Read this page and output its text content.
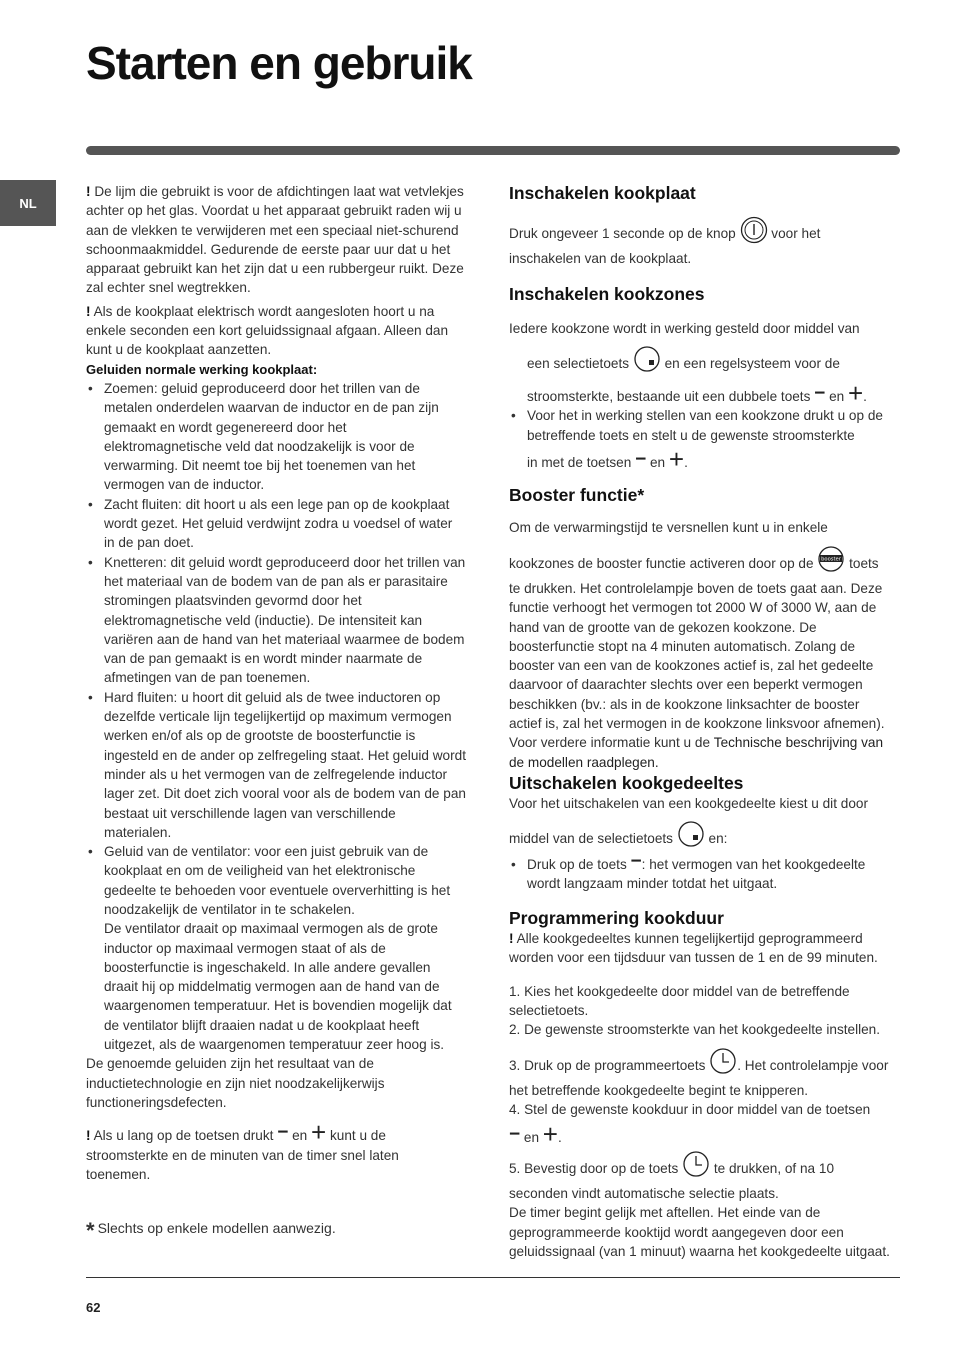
Starten en gebruik
NL

! De lijm die gebruikt is voor de afdichtingen laat wat vetvlekjes achter op het glas. Voordat u het apparaat gebruikt raden wij u aan de vlekken te verwijderen met een speciaal niet-schurend schoonmaakmiddel. Gedurende de eerste paar uur dat u het apparaat gebruikt kan het zijn dat u een rubbergeur ruikt. Deze zal echter snel wegtrekken.

! Als de kookplaat elektrisch wordt aangesloten hoort u na enkele seconden een kort geluidssignaal afgaan. Alleen dan kunt u de kookplaat aanzetten.

Geluiden normale werking kookplaat:

• Zoemen: geluid geproduceerd door het trillen van de metalen onderdelen waarvan de inductor en de pan zijn gemaakt en wordt gegenereerd door het elektromagnetische veld dat noodzakelijk is voor de verwarming. Dit neemt toe bij het toenemen van het vermogen van de inductor.
• Zacht fluiten: dit hoort u als een lege pan op de kookplaat wordt gezet. Het geluid verdwijnt zodra u voedsel of water in de pan doet.
• Knetteren: dit geluid wordt geproduceerd door het trillen van het materiaal van de bodem van de pan als er parasitaire stromingen plaatsvinden gevormd door het elektromagnetische veld (inductie). De intensiteit kan variëren aan de hand van het materiaal waarmee de bodem van de pan gemaakt is en wordt minder naarmate de afmetingen van de pan toenemen.
• Hard fluiten: u hoort dit geluid als de twee inductoren op dezelfde verticale lijn tegelijkertijd op maximum vermogen werken en/of als op de grootste de boosterfunctie is ingesteld en de ander op zelfregeling staat. Het geluid wordt minder als u het vermogen van de zelfregelende inductor lager zet. Dit doet zich vooral voor als de bodem van de pan bestaat uit verschillende lagen van verschillende materialen.
• Geluid van de ventilator: voor een juist gebruik van de kookplaat en om de veiligheid van het elektronische gedeelte te behoeden voor eventuele oververhitting is het noodzakelijk de ventilator in te schakelen.
De ventilator draait op maximaal vermogen als de grote inductor op maximaal vermogen staat of als de boosterfunctie is ingeschakeld. In alle andere gevallen draait hij op middelmatig vermogen aan de hand van de waargenomen temperatuur. Het is bovendien mogelijk dat de ventilator blijft draaien nadat u de kookplaat heeft uitgezet, als de waargenomen temperatuur zeer hoog is.

De genoemde geluiden zijn het resultaat van de inductietechnologie en zijn niet noodzakelijkerwijs functioneringsdefecten.

! Als u lang op de toetsen drukt − en + kunt u de stroomsterkte en de minuten van de timer snel laten toenemen.

Inschakelen kookplaat

Druk ongeveer 1 seconde op de knop	voor het inschakelen van de kookplaat.

Inschakelen kookzones

Iedere kookzone wordt in werking gesteld door middel van

een selectietoets	en een regelsysteem voor de

stroomsterkte, bestaande uit een dubbele toets − en +.

• Voor het in werking stellen van een kookzone drukt u op de betreffende toets en stelt u de gewenste stroomsterkte
in met de toetsen − en +.

Booster functie*

Om de verwarmingstijd te versnellen kunt u in enkele

kookzones de booster functie activeren door op de booster toets te drukken. Het controlelampje boven de toets gaat aan. Deze functie verhoogt het vermogen tot 2000 W of 3000 W, aan de hand van de grootte van de gekozen kookzone. De boosterfunctie stopt na 4 minuten automatisch. Zolang de booster van een van de kookzones actief is, zal het gedeelte daarvoor of daarachter slechts over een beperkt vermogen beschikken (bv.: als in de kookzone linksachter de booster actief is, zal het vermogen in de kookzone linksvoor afnemen). Voor verdere informatie kunt u de Technische beschrijving van de modellen raadplegen.

Uitschakelen kookgedeeltes

Voor het uitschakelen van een kookgedeelte kiest u dit door

middel van de selectietoets	en:

• Druk op de toets −: het vermogen van het kookgedeelte wordt langzaam minder totdat het uitgaat.

Programmering kookduur

! Alle kookgedeeltes kunnen tegelijkertijd geprogrammeerd worden voor een tijdsduur van tussen de 1 en de 99 minuten.

1. Kies het kookgedeelte door middel van de betreffende selectietoets.

2. De gewenste stroomsterkte van het kookgedeelte instellen.

3. Druk op de programmeertoets . Het controlelampje voor het betreffende kookgedeelte begint te knipperen.

4. Stel de gewenste kookduur in door middel van de toetsen

− en +.

5. Bevestig door op de toets	te drukken, of na 10 seconden vindt automatische selectie plaats.

De timer begint gelijk met aftellen. Het einde van de geprogrammeerde kooktijd wordt aangegeven door een geluidssignaal (van 1 minuut) waarna het kookgedeelte uitgaat.

* Slechts op enkele modellen aanwezig.
62
